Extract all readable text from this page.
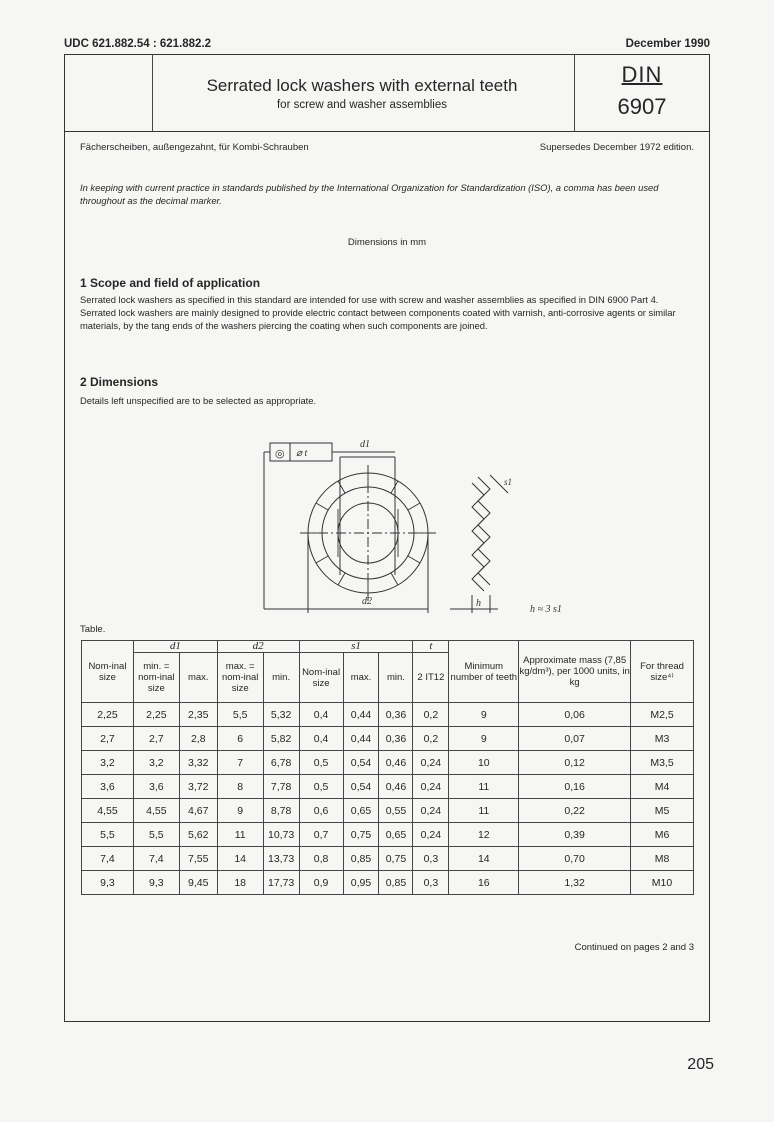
UDC 621.882.54 : 621.882.2	December 1990
Serrated lock washers with external teeth
for screw and washer assemblies
DIN
6907
Fächerscheiben, außengezahnt, für Kombi-Schrauben	Supersedes December 1972 edition.
In keeping with current practice in standards published by the International Organization for Standardization (ISO), a comma has been used throughout as the decimal marker.
Dimensions in mm
1 Scope and field of application
Serrated lock washers as specified in this standard are intended for use with screw and washer assemblies as specified in DIN 6900 Part 4. Serrated lock washers are mainly designed to provide electric contact between components coated with varnish, anti-corrosive agents or similar materials, by the tang ends of the washers piercing the coating when such components are joined.
2 Dimensions
Details left unspecified are to be selected as appropriate.
◎ ⌀ t
d1
d2
s1
h
h ≈ 3 s1
Table.
Nom-inal size	d1		d2		s1			t	Minimum number of teeth	Approximate mass (7,85 kg/dm³), per 1000 units, in kg	For thread size⁴⁾
	min. = nom-inal size	max.	max. = nom-inal size	min.	Nom-inal size	max.	min.	2 IT12			
2,25	2,25	2,35	5,5	5,32	0,4	0,44	0,36	0,2	9	0,06	M2,5
2,7	2,7	2,8	6	5,82	0,4	0,44	0,36	0,2	9	0,07	M3
3,2	3,2	3,32	7	6,78	0,5	0,54	0,46	0,24	10	0,12	M3,5
3,6	3,6	3,72	8	7,78	0,5	0,54	0,46	0,24	11	0,16	M4
4,55	4,55	4,67	9	8,78	0,6	0,65	0,55	0,24	11	0,22	M5
5,5	5,5	5,62	11	10,73	0,7	0,75	0,65	0,24	12	0,39	M6
7,4	7,4	7,55	14	13,73	0,8	0,85	0,75	0,3	14	0,70	M8
9,3	9,3	9,45	18	17,73	0,9	0,95	0,85	0,3	16	1,32	M10
Continued on pages 2 and 3
205
